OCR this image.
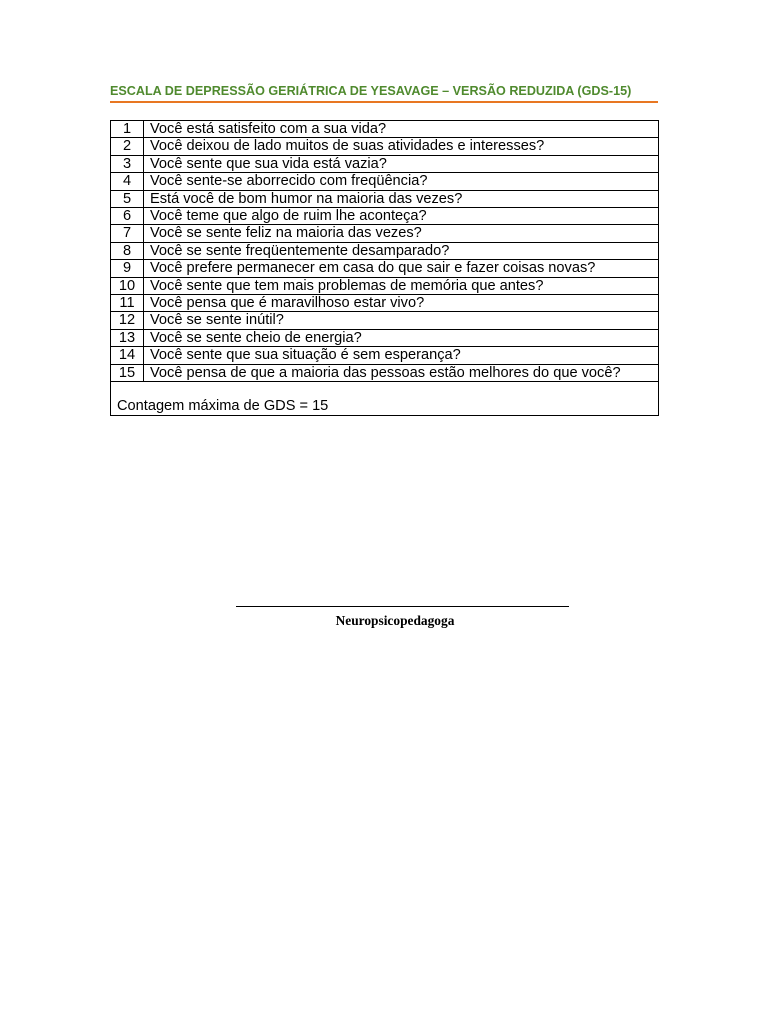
ESCALA DE DEPRESSÃO GERIÁTRICA DE YESAVAGE – VERSÃO REDUZIDA (GDS-15)
1	Você está satisfeito com a sua vida?
2	Você deixou de lado muitos de suas atividades e interesses?
3	Você sente que sua vida está vazia?
4	Você sente-se aborrecido com freqüência?
5	Está você de bom humor na maioria das vezes?
6	Você teme que algo de ruim lhe aconteça?
7	Você se sente feliz na maioria das vezes?
8	Você se sente freqüentemente desamparado?
9	Você prefere permanecer em casa do que sair e fazer coisas novas?
10	Você sente que tem mais problemas de memória que antes?
11	Você pensa que é maravilhoso estar vivo?
12	Você se sente inútil?
13	Você se sente cheio de energia?
14	Você sente que sua situação é sem esperança?
15	Você pensa de que a maioria das pessoas estão melhores do que você?
Contagem máxima de GDS = 15	
Neuropsicopedagoga
